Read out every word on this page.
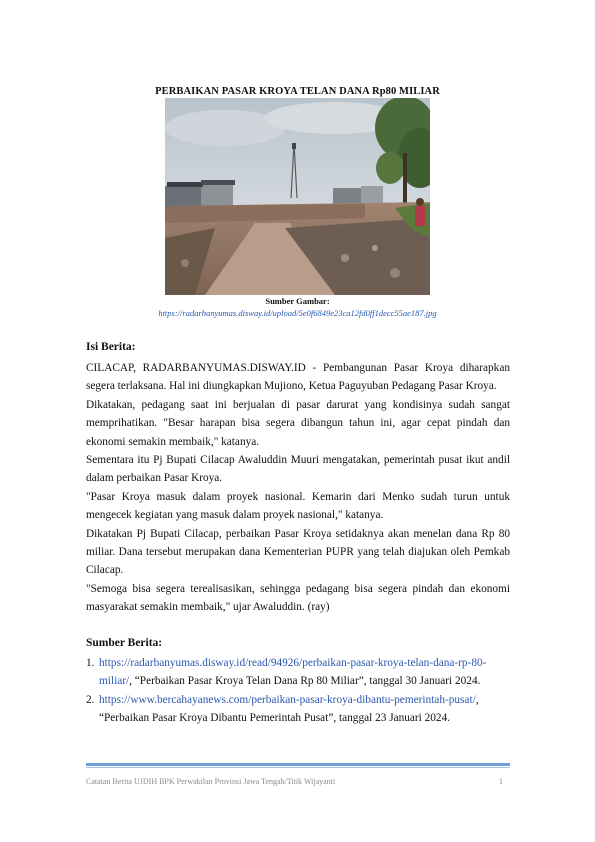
PERBAIKAN PASAR KROYA TELAN DANA Rp80 MILIAR
Sumber Gambar:
https://radarbanyumas.disway.id/upload/5e0f6849e23ca12fd0ff1decc55ae187.jpg
Isi Berita:

CILACAP, RADARBANYUMAS.DISWAY.ID - Pembangunan Pasar Kroya diharapkan segera terlaksana. Hal ini diungkapkan Mujiono, Ketua Paguyuban Pedagang Pasar Kroya.

Dikatakan, pedagang saat ini berjualan di pasar darurat yang kondisinya sudah sangat memprihatikan. "Besar harapan bisa segera dibangun tahun ini, agar cepat pindah dan ekonomi semakin membaik," katanya.

Sementara itu Pj Bupati Cilacap Awaluddin Muuri mengatakan, pemerintah pusat ikut andil dalam perbaikan Pasar Kroya.

"Pasar Kroya masuk dalam proyek nasional. Kemarin dari Menko sudah turun untuk mengecek kegiatan yang masuk dalam proyek nasional," katanya.

Dikatakan Pj Bupati Cilacap, perbaikan Pasar Kroya setidaknya akan menelan dana Rp 80 miliar. Dana tersebut merupakan dana Kementerian PUPR yang telah diajukan oleh Pemkab Cilacap.

"Semoga bisa segera terealisasikan, sehingga pedagang bisa segera pindah dan ekonomi masyarakat semakin membaik," ujar Awaluddin. (ray)

Sumber Berita:
1. https://radarbanyumas.disway.id/read/94926/perbaikan-pasar-kroya-telan-dana-rp-80-miliar/, “Perbaikan Pasar Kroya Telan Dana Rp 80 Miliar”, tanggal 30 Januari 2024.
2. https://www.bercahayanews.com/perbaikan-pasar-kroya-dibantu-pemerintah-pusat/, “Perbaikan Pasar Kroya Dibantu Pemerintah Pusat”, tanggal 23 Januari 2024.
Catatan Berita UJDIH BPK Perwakilan Provinsi Jawa Tengah/Titik Wijayanti	1
